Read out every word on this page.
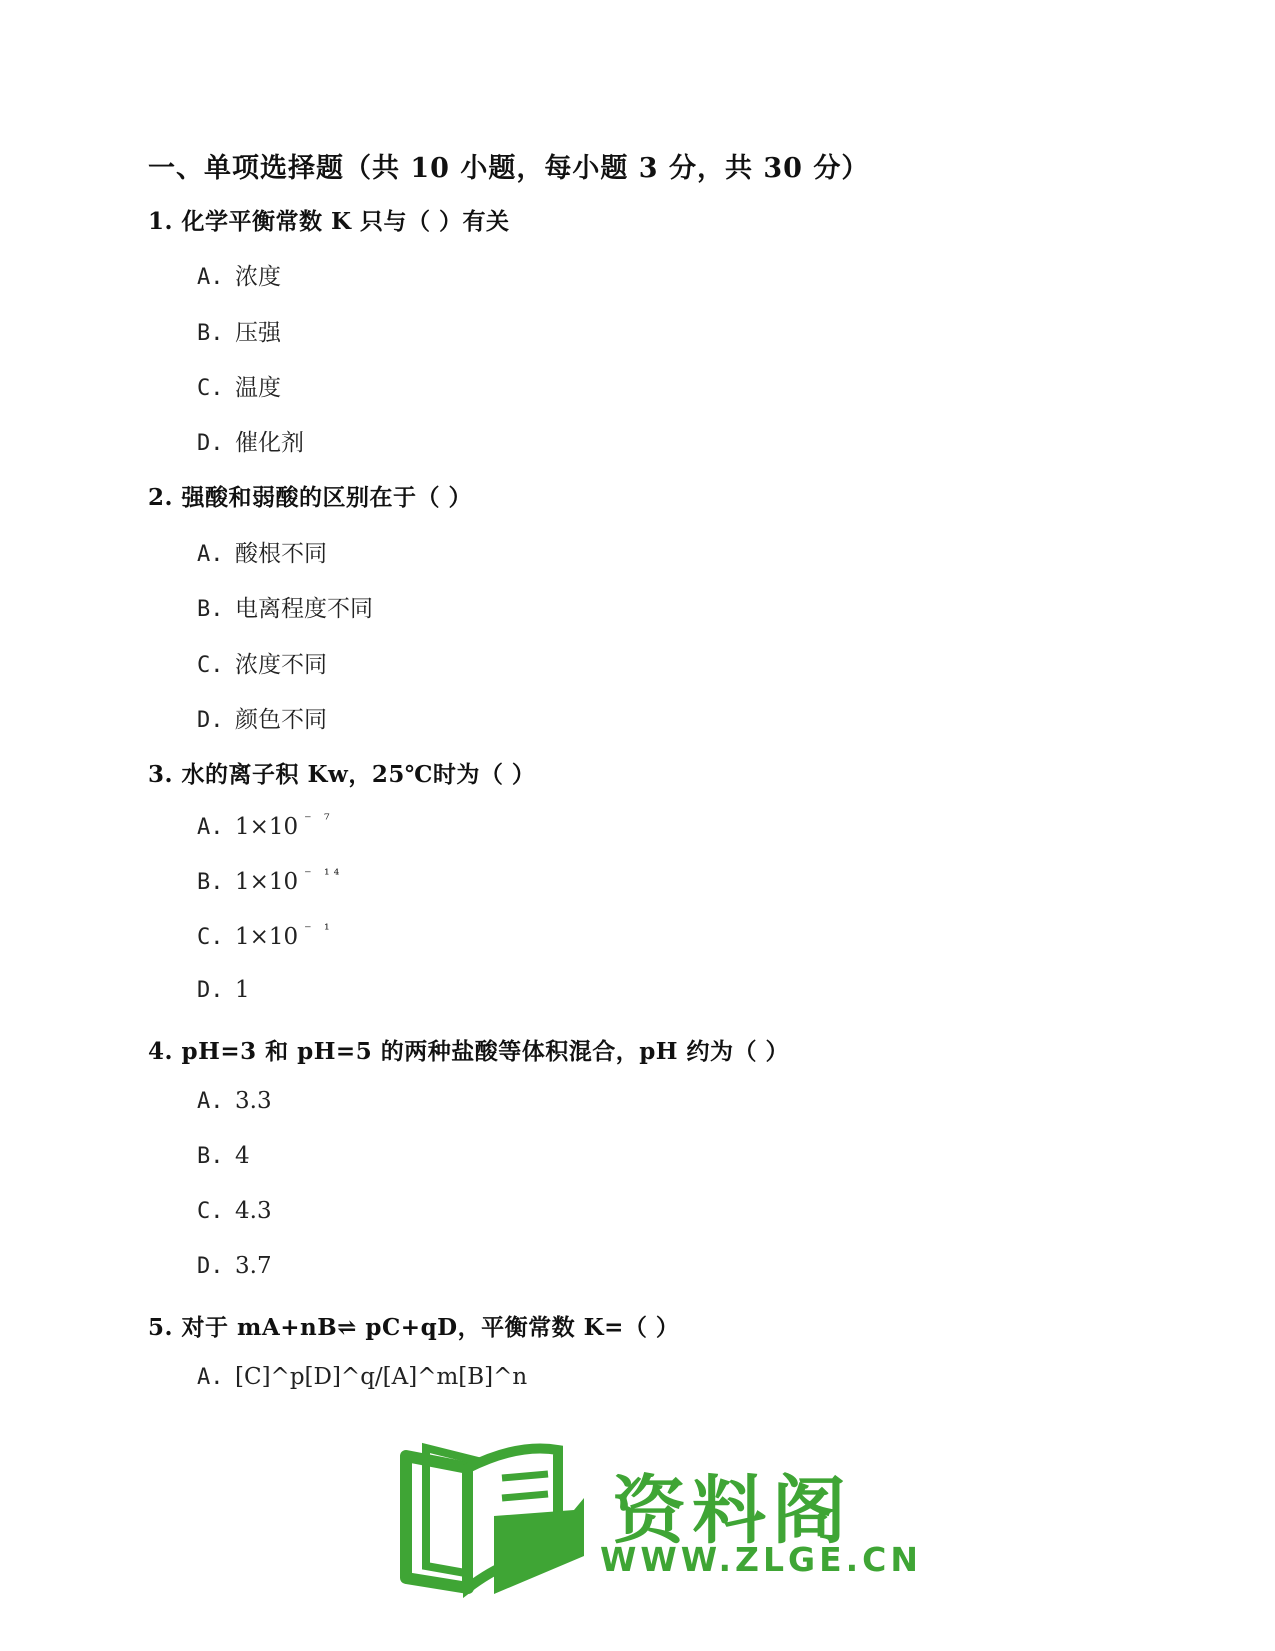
一、单项选择题（共 10 小题，每小题 3 分，共 30 分）
1. 化学平衡常数 K 只与（ ）有关
A. 浓度
B. 压强
C. 温度
D. 催化剂
2. 强酸和弱酸的区别在于（ ）
A. 酸根不同
B. 电离程度不同
C. 浓度不同
D. 颜色不同
3. 水的离子积 Kw，25℃时为（ ）
A. 1×10 $^{^- ^7}$
B. 1×10 $^{^- ^{14}}$
C. 1×10 $^{^- ^1}$
D. 1
4. pH=3 和 pH=5 的两种盐酸等体积混合，pH 约为（ ）
A. 3.3
B. 4
C. 4.3
D. 3.7
5. 对于 mA+nB⇌ pC+qD，平衡常数 K=（ ）
A. [C]^p[D]^q/[A]^m[B]^n
资料阁
WWW.ZLGE.CN
